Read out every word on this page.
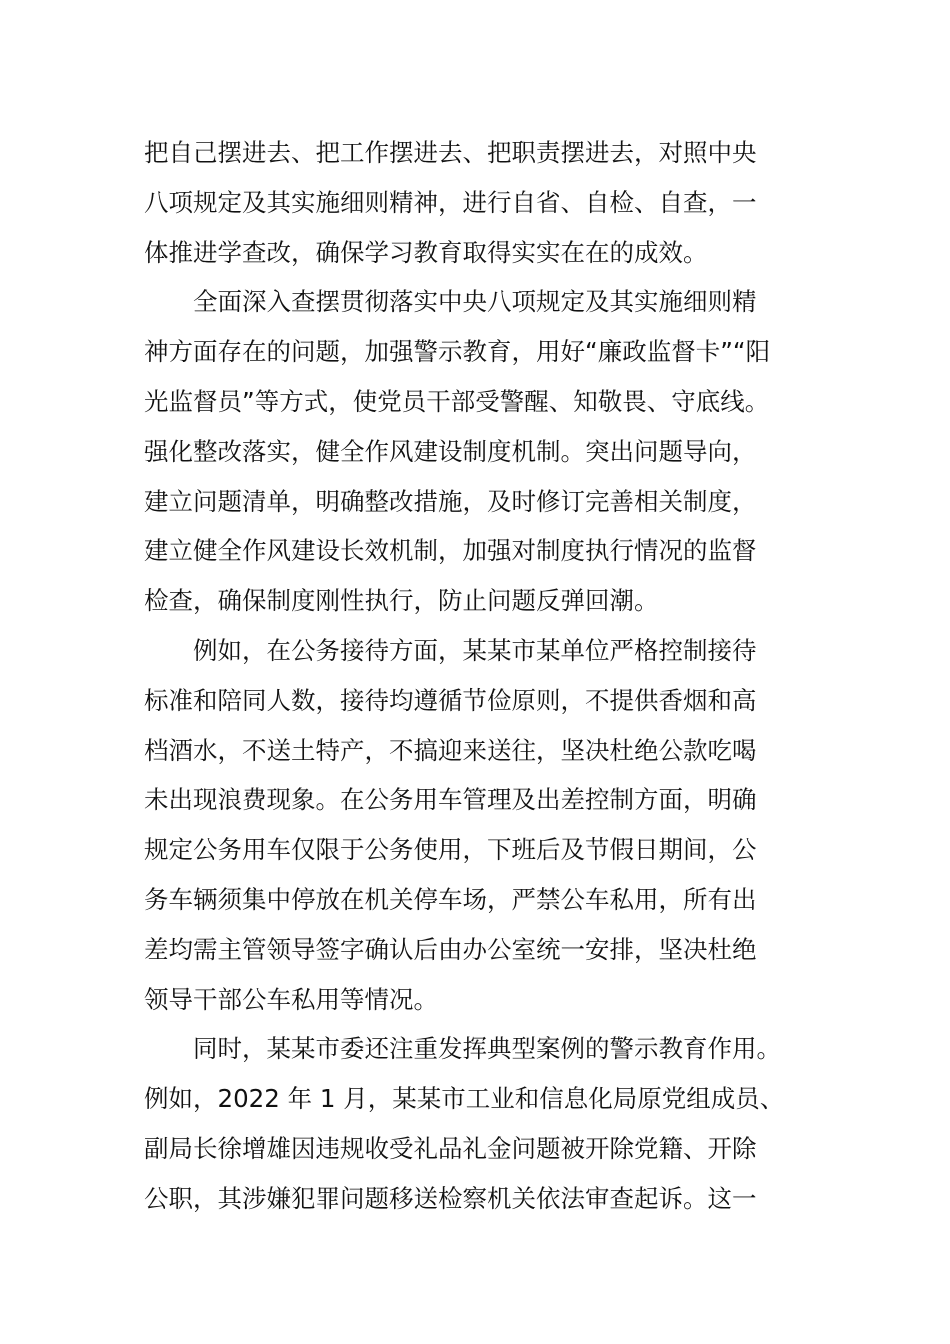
把自己摆进去、把工作摆进去、把职责摆进去，对照中央
八项规定及其实施细则精神，进行自省、自检、自查，一
体推进学查改，确保学习教育取得实实在在的成效。
全面深入查摆贯彻落实中央八项规定及其实施细则精
神方面存在的问题，加强警示教育，用好“廉政监督卡”“阳
光监督员”等方式，使党员干部受警醒、知敬畏、守底线。
强化整改落实，健全作风建设制度机制。突出问题导向，
建立问题清单，明确整改措施，及时修订完善相关制度，
建立健全作风建设长效机制，加强对制度执行情况的监督
检查，确保制度刚性执行，防止问题反弹回潮。
例如，在公务接待方面，某某市某单位严格控制接待
标准和陪同人数，接待均遵循节俭原则，不提供香烟和高
档酒水，不送土特产，不搞迎来送往，坚决杜绝公款吃喝
未出现浪费现象。在公务用车管理及出差控制方面，明确
规定公务用车仅限于公务使用，下班后及节假日期间，公
务车辆须集中停放在机关停车场，严禁公车私用，所有出
差均需主管领导签字确认后由办公室统一安排，坚决杜绝
领导干部公车私用等情况。
同时，某某市委还注重发挥典型案例的警示教育作用。
例如，2022 年 1 月，某某市工业和信息化局原党组成员、
副局长徐增雄因违规收受礼品礼金问题被开除党籍、开除
公职，其涉嫌犯罪问题移送检察机关依法审查起诉。这一
